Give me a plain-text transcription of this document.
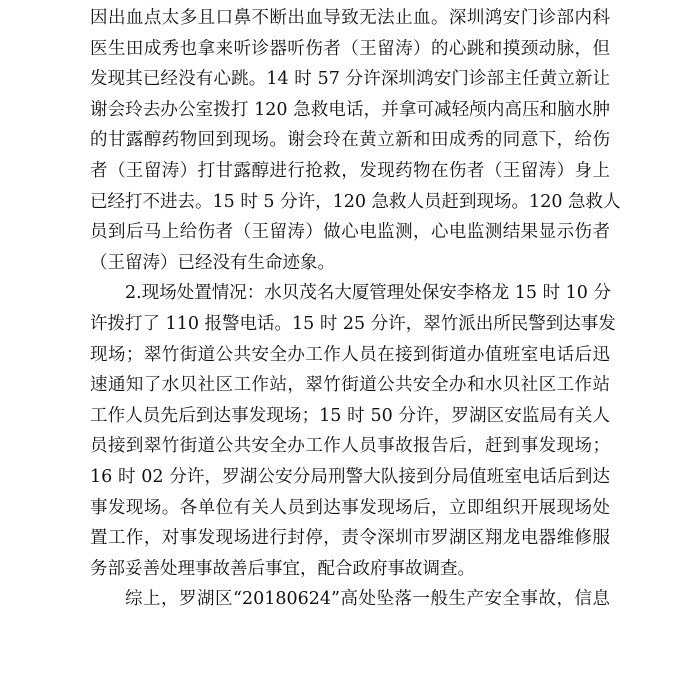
因出血点太多且口鼻不断出血导致无法止血。深圳鸿安门诊部内科
医生田成秀也拿来听诊器听伤者（王留涛）的心跳和摸颈动脉，但
发现其已经没有心跳。14 时 57 分许深圳鸿安门诊部主任黄立新让
谢会玲去办公室拨打 120 急救电话，并拿可减轻颅内高压和脑水肿
的甘露醇药物回到现场。谢会玲在黄立新和田成秀的同意下，给伤
者（王留涛）打甘露醇进行抢救，发现药物在伤者（王留涛）身上
已经打不进去。15 时 5 分许，120 急救人员赶到现场。120 急救人
员到后马上给伤者（王留涛）做心电监测，心电监测结果显示伤者
（王留涛）已经没有生命迹象。
2.现场处置情况：水贝茂名大厦管理处保安李格龙 15 时 10 分
许拨打了 110 报警电话。15 时 25 分许，翠竹派出所民警到达事发
现场；翠竹街道公共安全办工作人员在接到街道办值班室电话后迅
速通知了水贝社区工作站，翠竹街道公共安全办和水贝社区工作站
工作人员先后到达事发现场；15 时 50 分许，罗湖区安监局有关人
员接到翠竹街道公共安全办工作人员事故报告后，赶到事发现场；
16 时 02 分许，罗湖公安分局刑警大队接到分局值班室电话后到达
事发现场。各单位有关人员到达事发现场后，立即组织开展现场处
置工作，对事发现场进行封停，责令深圳市罗湖区翔龙电器维修服
务部妥善处理事故善后事宜，配合政府事故调查。
综上，罗湖区“20180624”高处坠落一般生产安全事故，信息
